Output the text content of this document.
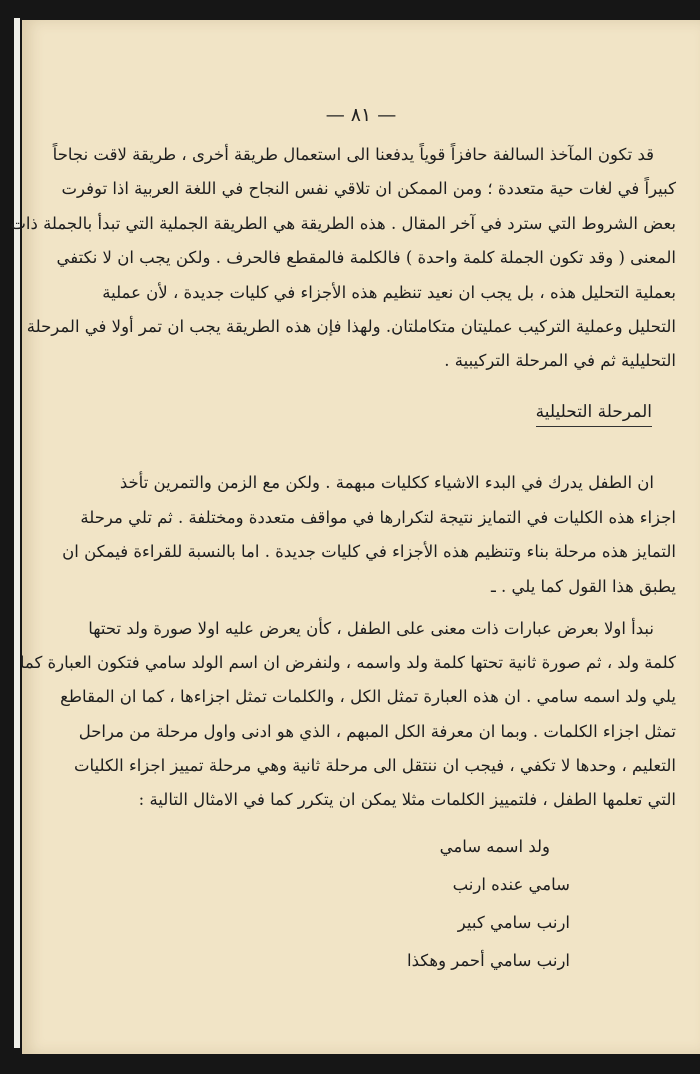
— ٨١ —
قد تكون المآخذ السالفة حافزاً قوياً يدفعنا الى استعمال طريقة أخرى ، طريقة لاقت نجاحاً
كبيراً في لغات حية متعددة ؛ ومن الممكن ان تلاقي نفس النجاح في اللغة العربية اذا توفرت
بعض الشروط التي سترد في آخر المقال . هذه الطريقة هي الطريقة الجملية التي تبدأ بالجملة ذات
المعنى ( وقد تكون الجملة كلمة واحدة ) فالكلمة فالمقطع فالحرف . ولكن يجب ان لا نكتفي
بعملية التحليل هذه ، بل يجب ان نعيد تنظيم هذه الأجزاء في كليات جديدة ، لأن عملية
التحليل وعملية التركيب عمليتان متكاملتان. ولهذا فإن هذه الطريقة يجب ان تمر أولا في المرحلة
التحليلية ثم في المرحلة التركيبية .
المرحلة التحليلية
ان الطفل يدرك في البدء الاشياء ككليات مبهمة . ولكن مع الزمن والتمرين تأخذ
اجزاء هذه الكليات في التمايز نتيجة لتكرارها في مواقف متعددة ومختلفة . ثم تلي مرحلة
التمايز هذه مرحلة بناء وتنظيم هذه الأجزاء في كليات جديدة . اما بالنسبة للقراءة فيمكن ان
يطبق هذا القول كما يلي . ـ
نبدأ اولا بعرض عبارات ذات معنى على الطفل ، كأن يعرض عليه اولا صورة ولد تحتها
كلمة ولد ، ثم صورة ثانية تحتها كلمة ولد واسمه ، ولنفرض ان اسم الولد سامي فتكون العبارة كما
يلي ولد اسمه سامي . ان هذه العبارة تمثل الكل ، والكلمات تمثل اجزاءها ، كما ان المقاطع
تمثل اجزاء الكلمات . وبما ان معرفة الكل المبهم ، الذي هو ادنى واول مرحلة من مراحل
التعليم ، وحدها لا تكفي ، فيجب ان ننتقل الى مرحلة ثانية وهي مرحلة تمييز اجزاء الكليات
التي تعلمها الطفل ، فلتمييز الكلمات مثلا يمكن ان يتكرر كما في الامثال التالية :
ولد اسمه سامي
سامي عنده ارنب
ارنب سامي كبير
ارنب سامي أحمر وهكذا
